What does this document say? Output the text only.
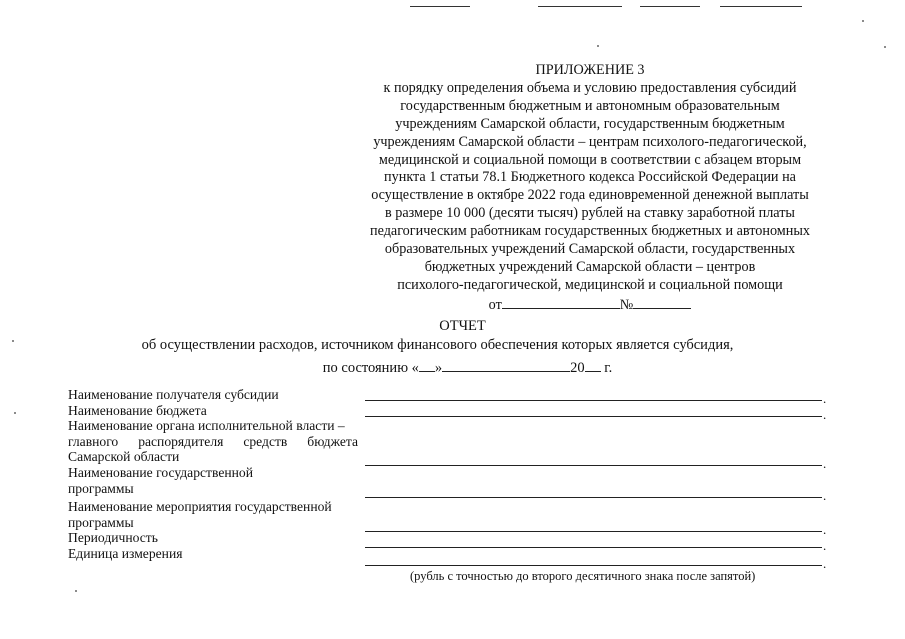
ПРИЛОЖЕНИЕ 3
к порядку определения объема и условию предоставления субсидий
государственным бюджетным и автономным образовательным
учреждениям Самарской области, государственным бюджетным
учреждениям Самарской области – центрам психолого-педагогической,
медицинской и социальной помощи в соответствии с абзацем вторым
пункта 1 статьи 78.1 Бюджетного кодекса Российской Федерации на
осуществление в октябре 2022 года единовременной денежной выплаты
в размере 10 000 (десяти тысяч) рублей на ставку заработной платы
педагогическим работникам государственных бюджетных и автономных
образовательных учреждений Самарской области, государственных
бюджетных учреждений Самарской области – центров
психолого-педагогической, медицинской и социальной помощи
от	№
ОТЧЕТ
об осуществлении расходов, источником финансового обеспечения которых является субсидия,
по состоянию « »	20 г.
Наименование получателя субсидии
Наименование бюджета
Наименование органа исполнительной власти –
главного распорядителя средств бюджета
Самарской области
Наименование государственной
программы
Наименование мероприятия государственной
программы
Периодичность
Единица измерения
.
.
.
.
.
.
.
(рубль с точностью до второго десятичного знака после запятой)
